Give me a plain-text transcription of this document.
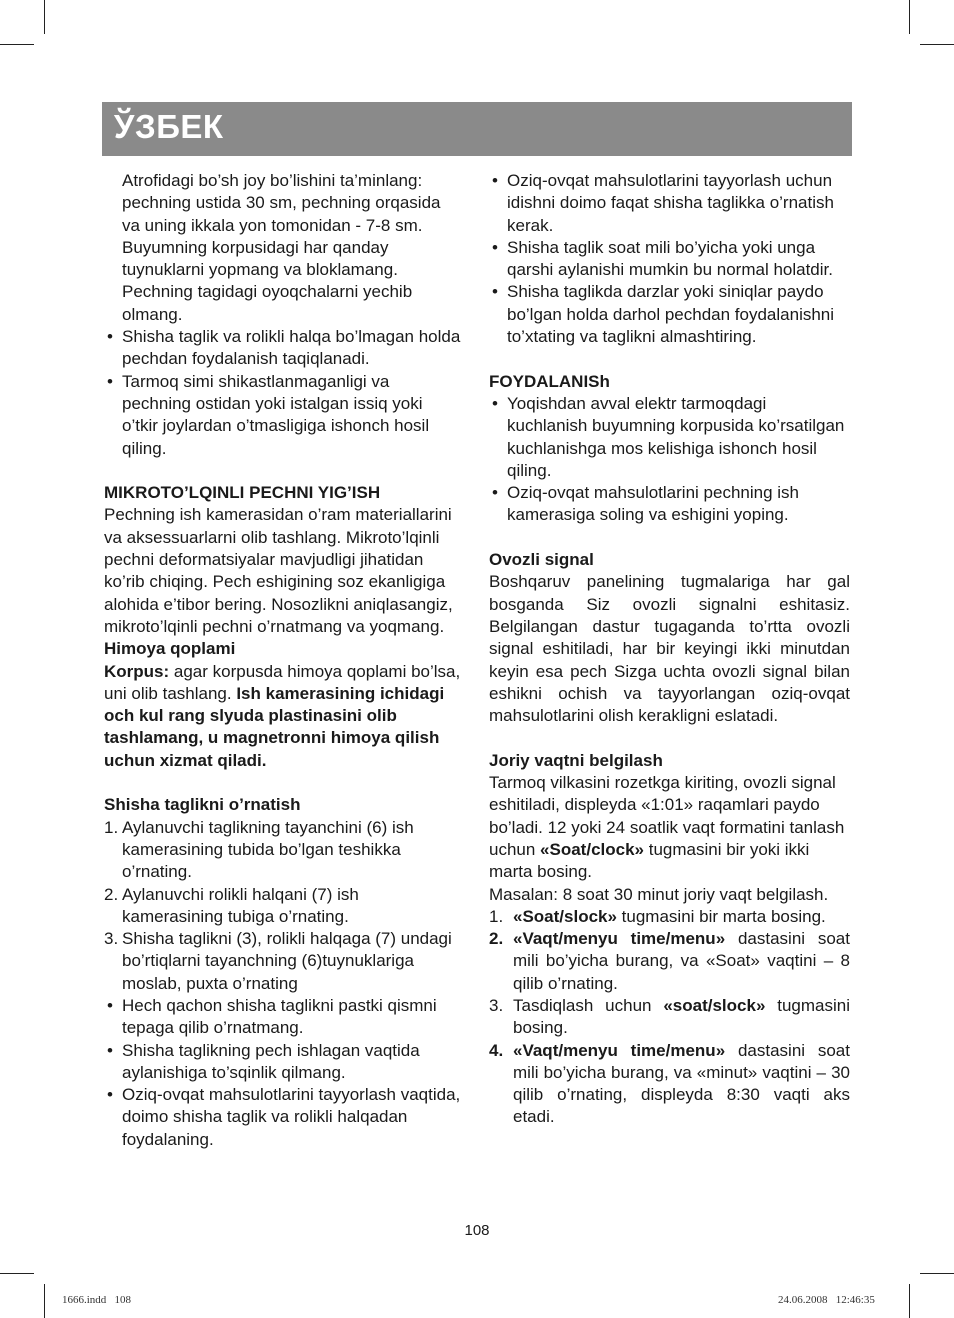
ЎЗБЕК

Atrofidagi bo’sh joy bo’lishini ta’minlang: pechning ustida 30 sm, pechning orqasida va uning ikkala yon tomonidan - 7-8 sm. Buyumning korpusidagi har qanday tuynuklarni yopmang va bloklamang. Pechning tagidagi oyoqchalarni yechib olmang.

• Shisha taglik va rolikli halqa bo’lmagan holda pechdan foydalanish taqiqlanadi.
• Tarmoq simi shikastlanmaganligi va pechning ostidan yoki istalgan issiq yoki o’tkir joylardan o’tmasligiga ishonch hosil qiling.

MIKROTO’LQINLI PECHNI YIG’ISH

Pechning ish kamerasidan o’ram materiallarini va aksessuarlarni olib tashlang. Mikroto’lqinli pechni deformatsiyalar mavjudligi jihatidan ko’rib chiqing. Pech eshigining soz ekanligiga alohida e’tibor bering. Nosozlikni aniqlasangiz, mikroto’lqinli pechni o’rnatmang va yoqmang.

Himoya qoplami

Korpus: agar korpusda himoya qoplami bo’lsa, uni olib tashlang. Ish kamerasining ichidagi och kul rang slyuda plastinasini olib tashlamang, u magnetronni himoya qilish uchun xizmat qiladi.

Shisha taglikni o’rnatish

1. Aylanuvchi taglikning tayanchini (6) ish kamerasining tubida bo’lgan teshikka o’rnating.
2. Aylanuvchi rolikli halqani (7) ish kamerasining tubiga o’rnating.
3. Shisha taglikni (3), rolikli halqaga (7) undagi bo’rtiqlarni tayanchning (6)tuynuklariga moslab, puxta o’rnating
• Hech qachon shisha taglikni pastki qismni tepaga qilib o’rnatmang.
• Shisha taglikning pech ishlagan vaqtida aylanishiga to’sqinlik qilmang.
• Oziq-ovqat mahsulotlarini tayyorlash vaqtida, doimo shisha taglik va rolikli halqadan foydalaning.
• Oziq-ovqat mahsulotlarini tayyorlash uchun idishni doimo faqat shisha taglikka o’rnatish kerak.
• Shisha taglik soat mili bo’yicha yoki unga qarshi aylanishi mumkin bu normal holatdir.
• Shisha taglikda darzlar yoki siniqlar paydo bo’lgan holda darhol pechdan foydalanishni to’xtating va taglikni almashtiring.

FOYDALANISh

• Yoqishdan avval elektr tarmoqdagi kuchlanish buyumning korpusida ko’rsatilgan kuchlanishga mos kelishiga ishonch hosil qiling.
• Oziq-ovqat mahsulotlarini pechning ish kamerasiga soling va eshigini yoping.

Ovozli signal

Boshqaruv panelining tugmalariga har gal bosganda Siz ovozli signalni eshitasiz. Belgilangan dastur tugaganda to’rtta ovozli signal eshitiladi, har bir keyingi ikki minutdan keyin esa pech Sizga uchta ovozli signal bilan eshikni ochish va tayyorlangan oziq-ovqat mahsulotlarini olish kerakligni eslatadi.

Joriy vaqtni belgilash

Tarmoq vilkasini rozetkga kiriting, ovozli signal eshitiladi, displeyda «1:01» raqamlari paydo bo’ladi. 12 yoki 24 soatlik vaqt formatini tanlash uchun «Soat/clock» tugmasini bir yoki ikki marta bosing.

Masalan: 8 soat 30 minut joriy vaqt belgilash.

1. «Soat/slock» tugmasini bir marta bosing.
2. «Vaqt/menyu time/menu» dastasini soat mili bo’yicha burang, va «Soat» vaqtini – 8 qilib o’rnating.
3. Tasdiqlash uchun «soat/slock» tugmasini bosing.
4. «Vaqt/menyu time/menu» dastasini soat mili bo’yicha burang, va «minut» vaqtini – 30 qilib o’rnating, displeyda 8:30 vaqti aks etadi.
108
1666.indd   108	24.06.2008   12:46:35
